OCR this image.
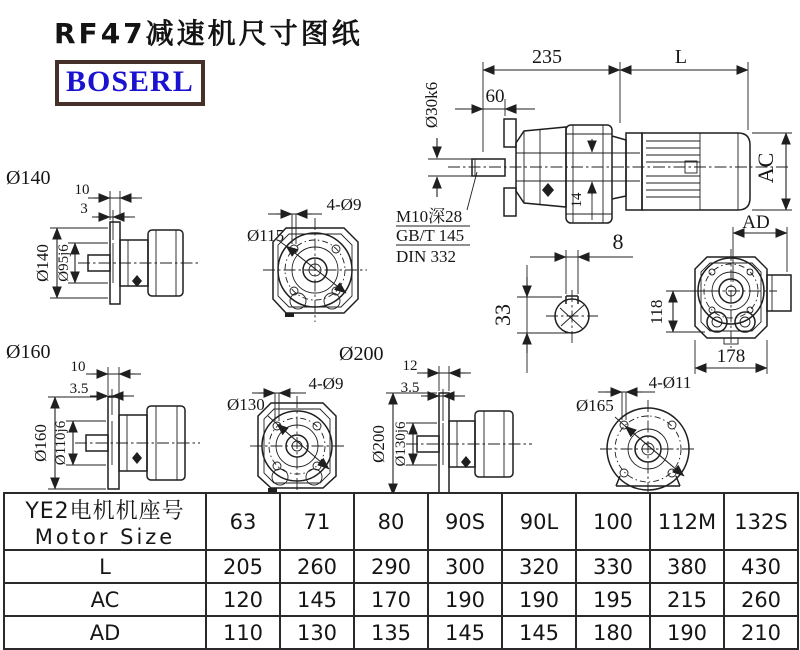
RF47减速机尺寸图纸
BOSERL
235	L
60
Ø30k6
14
AC
M10深28
GB/T 145
DIN 332
8
33
AD
118
178
Ø140
10
3
Ø140 Ø95j6
4-Ø9
Ø115
Ø160
10
3.5
Ø160 Ø110j6
4-Ø9
Ø130
Ø200
12
3.5
Ø200 Ø130j6
4-Ø11
Ø165
YE2电机机座号
Motor Size	63	71	80	90S	90L	100	112M	132S
L	205	260	290	300	320	330	380	430
AC	120	145	170	190	190	195	215	260
AD	110	130	135	145	145	180	190	210
